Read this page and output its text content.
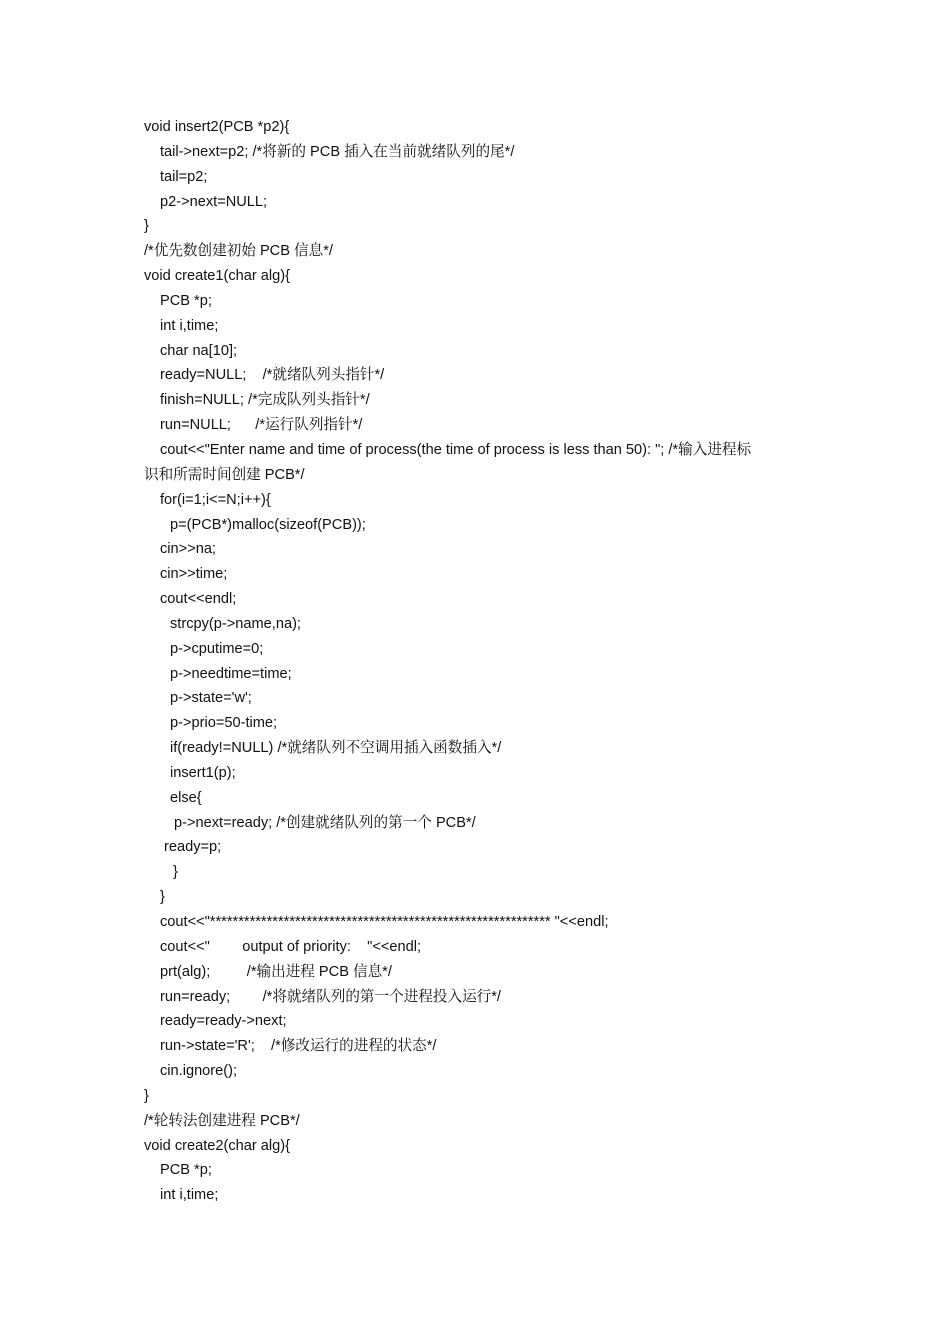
void insert2(PCB *p2){
tail->next=p2; /*将新的 PCB 插入在当前就绪队列的尾*/
tail=p2;
p2->next=NULL;
}
/*优先数创建初始 PCB 信息*/
void create1(char alg){
PCB *p;
int i,time;
char na[10];
ready=NULL;    /*就绪队列头指针*/
finish=NULL; /*完成队列头指针*/
run=NULL;      /*运行队列指针*/
cout<<"Enter name and time of process(the time of process is less than 50): "; /*输入进程标
识和所需时间创建 PCB*/
for(i=1;i<=N;i++){
p=(PCB*)malloc(sizeof(PCB));
cin>>na;
cin>>time;
cout<<endl;
strcpy(p->name,na);
p->cputime=0;
p->needtime=time;
p->state='w';
p->prio=50-time;
if(ready!=NULL) /*就绪队列不空调用插入函数插入*/
insert1(p);
else{
p->next=ready; /*创建就绪队列的第一个 PCB*/
ready=p;
}
}
cout<<"************************************************************ "<<endl;
cout<<"        output of priority:    "<<endl;
prt(alg);         /*输出进程 PCB 信息*/
run=ready;        /*将就绪队列的第一个进程投入运行*/
ready=ready->next;
run->state='R';    /*修改运行的进程的状态*/
cin.ignore();
}
/*轮转法创建进程 PCB*/
void create2(char alg){
PCB *p;
int i,time;
